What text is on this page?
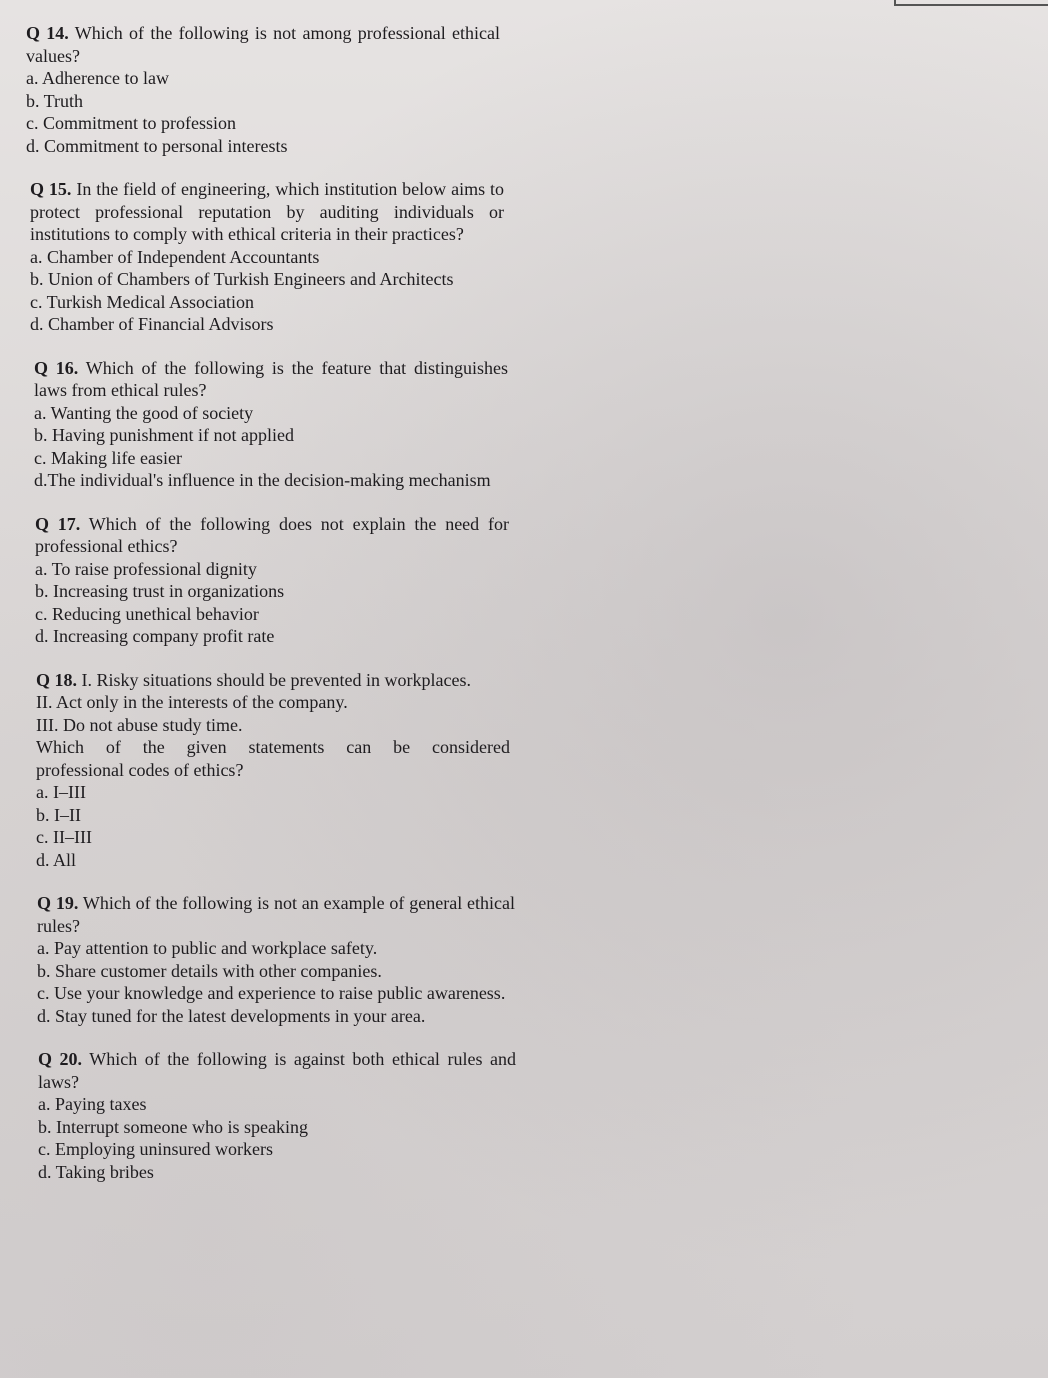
Q 14. Which of the following is not among professional ethical values?

a. Adherence to law

b. Truth

c. Commitment to profession

d. Commitment to personal interests

Q 15. In the field of engineering, which institution below aims to protect professional reputation by auditing individuals or institutions to comply with ethical criteria in their practices?

a. Chamber of Independent Accountants

b. Union of Chambers of Turkish Engineers and Architects

c. Turkish Medical Association

d. Chamber of Financial Advisors

Q 16. Which of the following is the feature that distinguishes laws from ethical rules?

a. Wanting the good of society

b. Having punishment if not applied

c. Making life easier

d.The individual's influence in the decision-making mechanism

Q 17. Which of the following does not explain the need for professional ethics?

a. To raise professional dignity

b. Increasing trust in organizations

c. Reducing unethical behavior

d. Increasing company profit rate

Q 18. I. Risky situations should be prevented in workplaces.

II. Act only in the interests of the company.

III. Do not abuse study time.

Which of the given statements can be considered

professional codes of ethics?

a. I–III

b. I–II

c. II–III

d. All

Q 19. Which of the following is not an example of general ethical rules?

a. Pay attention to public and workplace safety.

b. Share customer details with other companies.

c. Use your knowledge and experience to raise public awareness.

d. Stay tuned for the latest developments in your area.

Q 20. Which of the following is against both ethical rules and laws?

a. Paying taxes

b. Interrupt someone who is speaking

c. Employing uninsured workers

d. Taking bribes
